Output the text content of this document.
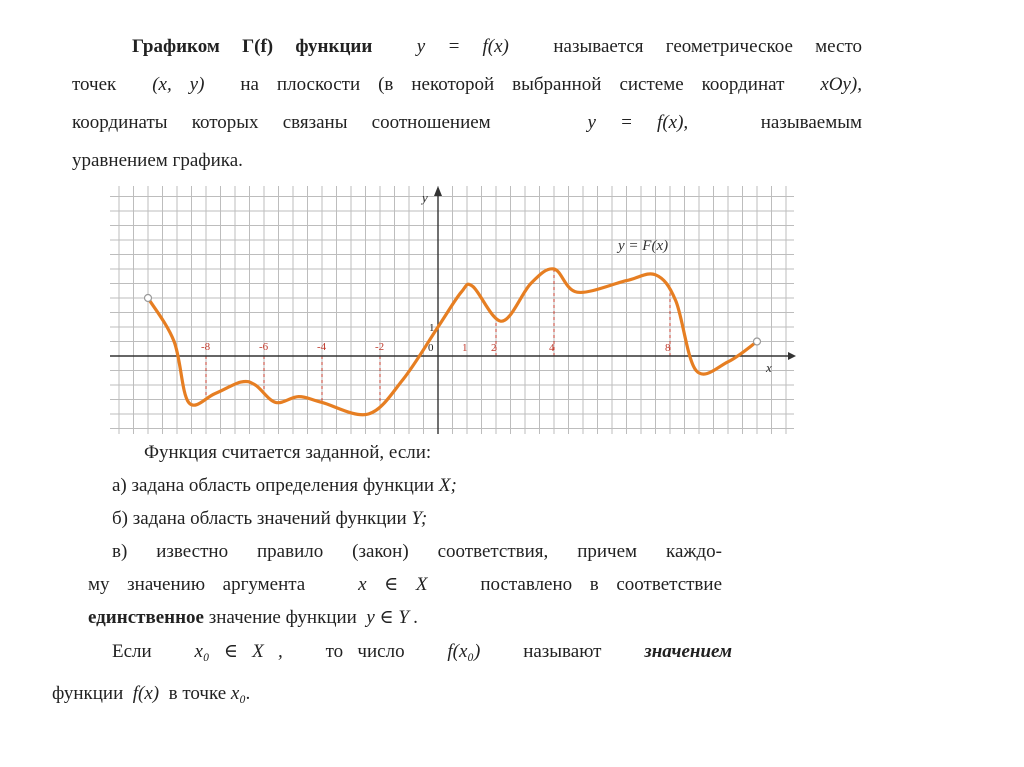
Графиком Г(f) функции y = f(x) называется геометрическое место
точек (x, y) на плоскости (в некоторой выбранной системе координат xOy),
координаты которых связаны соотношением	y = f(x),	называемым
уравнением графика.
x
y
-8	-6	-4	-2	0	1 2	4	8
1
y = F(x)
Функция считается заданной, если:
а) задана область определения функции X;
б) задана область значений функции Y;
в) известно правило (закон) соответствия, причем каждо-
му значению аргумента	x ∈ X	поставлено в соответствие
единственное значение функции y ∈ Y .
Если x₀ ∈ X , то число f(x₀) называют значением
функции f(x) в точке x₀.
